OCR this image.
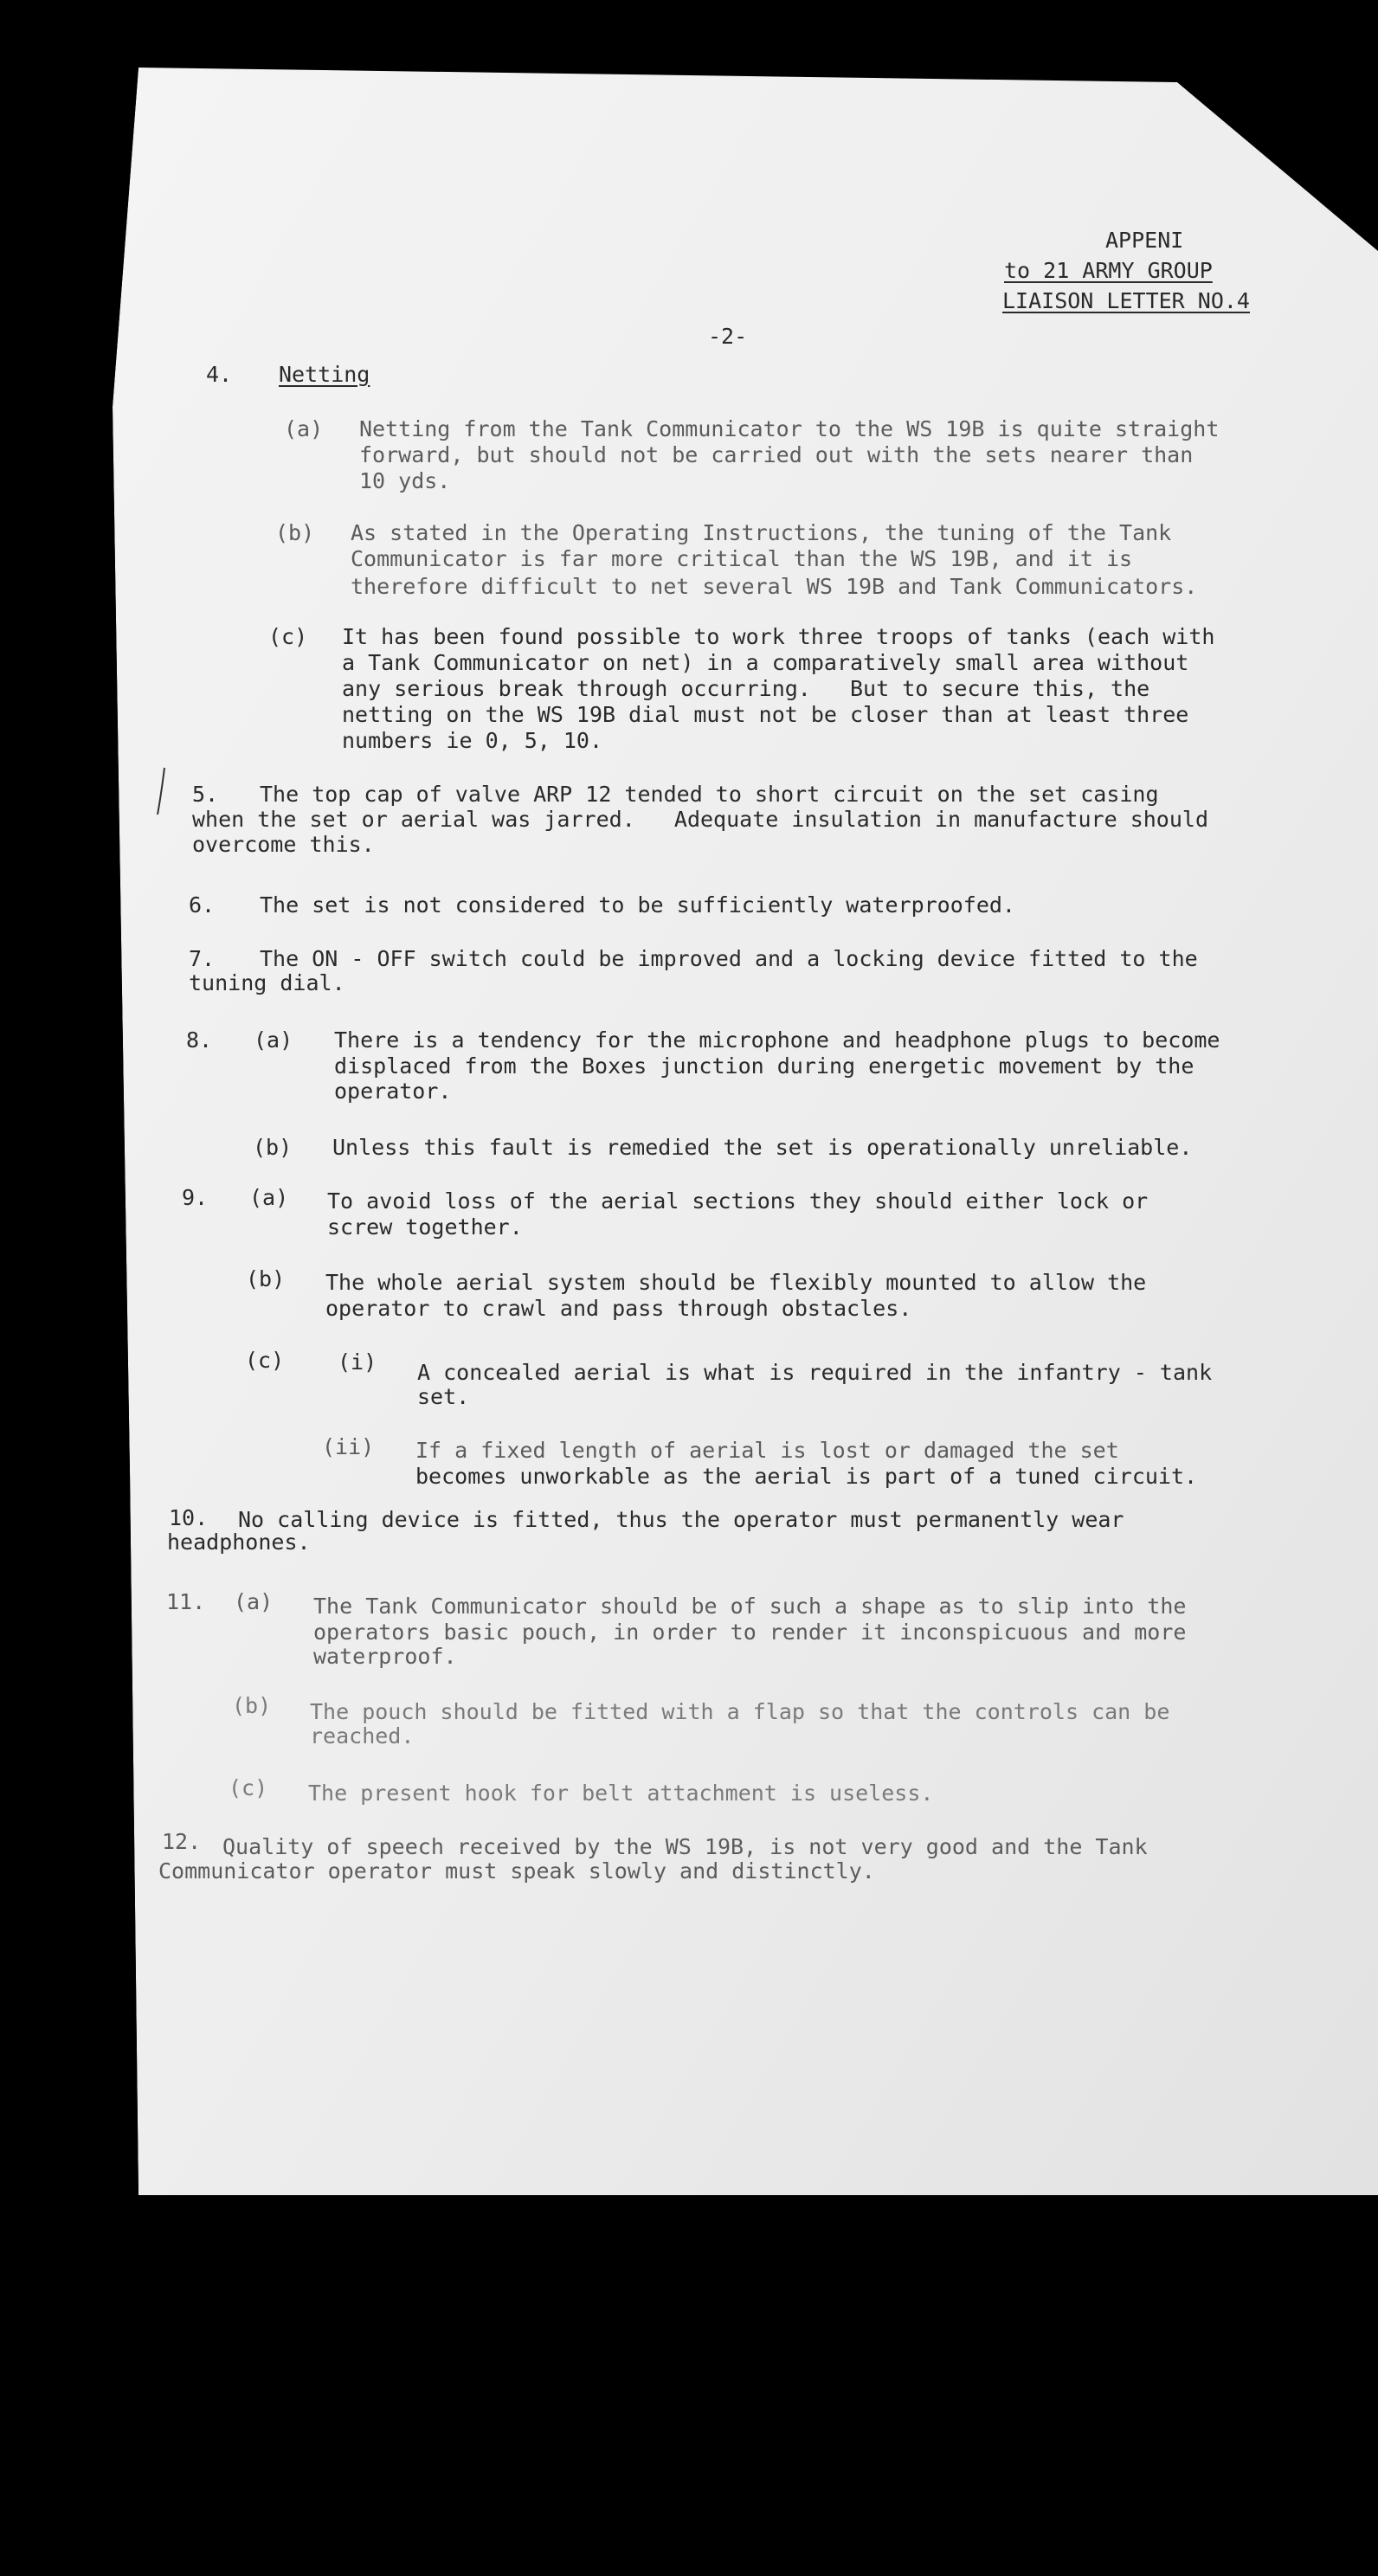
APPENI

to 21 ARMY GROUP

LIAISON LETTER NO.4

-2-

4.

Netting

(a)

Netting from the Tank Communicator to the WS 19B is quite straight

forward, but should not be carried out with the sets nearer than

10 yds.

(b)

As stated in the Operating Instructions, the tuning of the Tank

Communicator is far more critical than the WS 19B, and it is

therefore difficult to net several WS 19B and Tank Communicators.

(c)

It has been found possible to work three troops of tanks (each with

a Tank Communicator on net) in a comparatively small area without

any serious break through occurring.   But to secure this, the

netting on the WS 19B dial must not be closer than at least three

numbers ie 0, 5, 10.

5.

The top cap of valve ARP 12 tended to short circuit on the set casing

when the set or aerial was jarred.   Adequate insulation in manufacture should

overcome this.

6.

The set is not considered to be sufficiently waterproofed.

7.

The ON - OFF switch could be improved and a locking device fitted to the

tuning dial.

8.

(a)

There is a tendency for the microphone and headphone plugs to become

displaced from the Boxes junction during energetic movement by the

operator.

(b)

Unless this fault is remedied the set is operationally unreliable.

9.

(a)

To avoid loss of the aerial sections they should either lock or

screw together.

(b)

The whole aerial system should be flexibly mounted to allow the

operator to crawl and pass through obstacles.

(c)

(i)

A concealed aerial is what is required in the infantry - tank

set.

(ii)

If a fixed length of aerial is lost or damaged the set

becomes unworkable as the aerial is part of a tuned circuit.

10.

No calling device is fitted, thus the operator must permanently wear

headphones.

11.

(a)

The Tank Communicator should be of such a shape as to slip into the

operators basic pouch, in order to render it inconspicuous and more

waterproof.

(b)

The pouch should be fitted with a flap so that the controls can be

reached.

(c)

The present hook for belt attachment is useless.

12.

Quality of speech received by the WS 19B, is not very good and the Tank

Communicator operator must speak slowly and distinctly.
